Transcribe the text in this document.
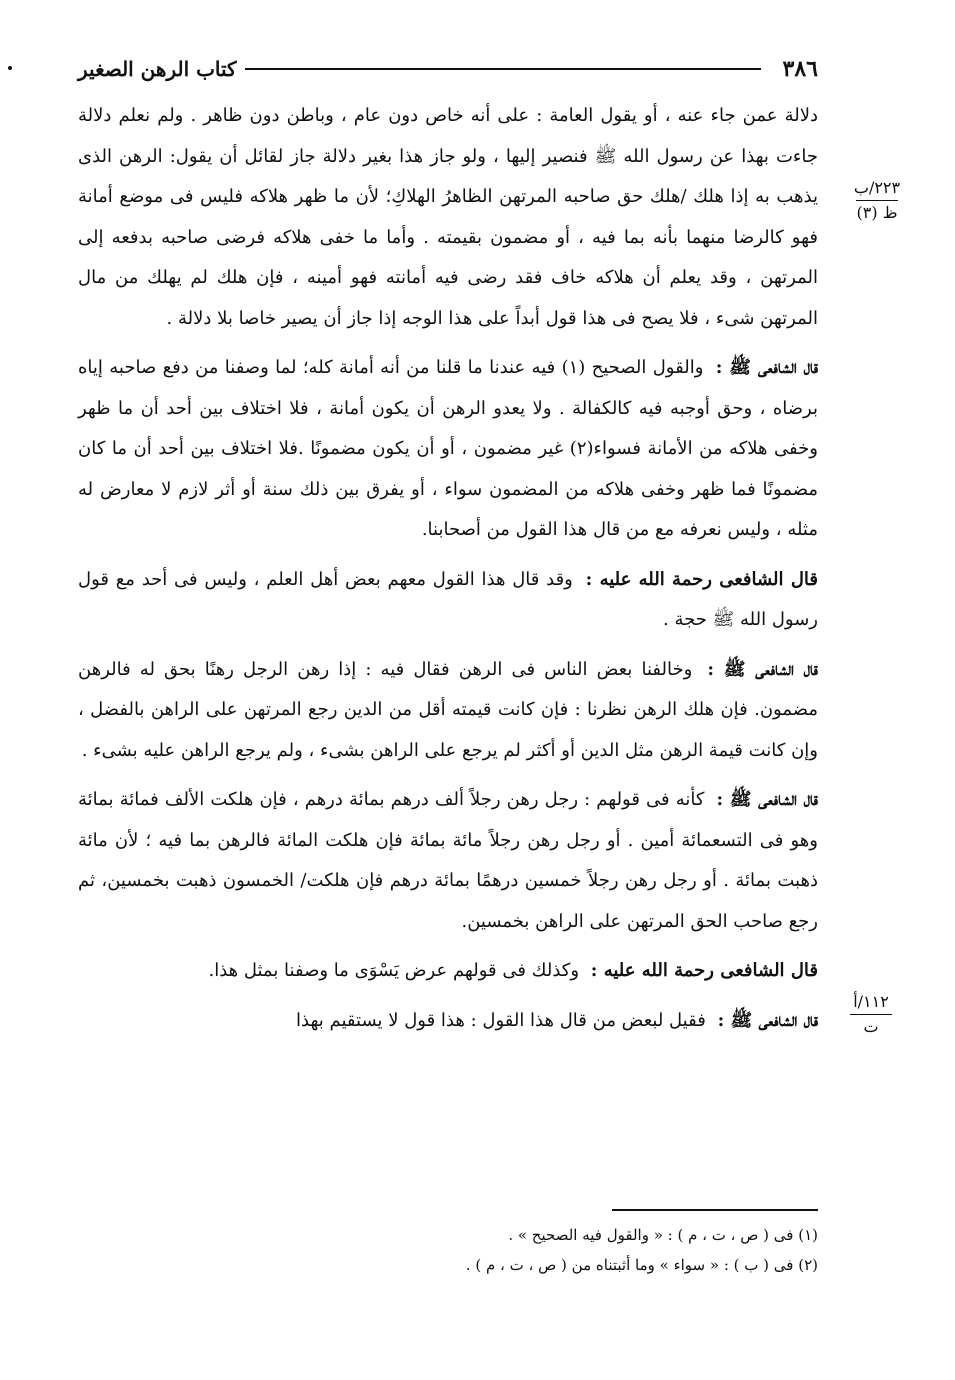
٣٨٦
كتاب الرهن الصغير
٢٢٣/ب
ظ (٣)
١١٢/أ
ت

دلالة عمن جاء عنه ، أو يقول العامة : على أنه خاص دون عام ، وباطن دون ظاهر . ولم نعلم دلالة جاءت بهذا عن رسول الله ﷺ فنصير إليها ، ولو جاز هذا بغير دلالة جاز لقائل أن يقول: الرهن الذى يذهب به إذا هلك /هلك حق صاحبه المرتهن الظاهرُ الهلاكِ؛ لأن ما ظهر هلاكه فليس فى موضع أمانة فهو كالرضا منهما بأنه بما فيه ، أو مضمون بقيمته . وأما ما خفى هلاكه فرضى صاحبه بدفعه إلى المرتهن ، وقد يعلم أن هلاكه خاف فقد رضى فيه أمانته فهو أمينه ، فإن هلك لم يهلك من مال المرتهن شىء ، فلا يصح فى هذا قول أبداً على هذا الوجه إذا جاز أن يصير خاصا بلا دلالة .

قال الشافعى ﷺ : والقول الصحيح (١) فيه عندنا ما قلنا من أنه أمانة كله؛ لما وصفنا من دفع صاحبه إياه برضاه ، وحق أوجبه فيه كالكفالة . ولا يعدو الرهن أن يكون أمانة ، فلا اختلاف بين أحد أن ما ظهر وخفى هلاكه من الأمانة فسواء(٢) غير مضمون ، أو أن يكون مضمونًا .فلا اختلاف بين أحد أن ما كان مضمونًا فما ظهر وخفى هلاكه من المضمون سواء ، أو يفرق بين ذلك سنة أو أثر لازم لا معارض له مثله ، وليس نعرفه مع من قال هذا القول من أصحابنا.

قال الشافعى رحمة الله عليه : وقد قال هذا القول معهم بعض أهل العلم ، وليس فى أحد مع قول رسول الله ﷺ حجة .

قال الشافعى ﷺ : وخالفنا بعض الناس فى الرهن فقال فيه : إذا رهن الرجل رهنًا بحق له فالرهن مضمون. فإن هلك الرهن نظرنا : فإن كانت قيمته أقل من الدين رجع المرتهن على الراهن بالفضل ، وإن كانت قيمة الرهن مثل الدين أو أكثر لم يرجع على الراهن بشىء ، ولم يرجع الراهن عليه بشىء .

قال الشافعى ﷺ : كأنه فى قولهم : رجل رهن رجلاً ألف درهم بمائة درهم ، فإن هلكت الألف فمائة بمائة وهو فى التسعمائة أمين . أو رجل رهن رجلاً مائة بمائة فإن هلكت المائة فالرهن بما فيه ؛ لأن مائة ذهبت بمائة . أو رجل رهن رجلاً خمسين درهمًا بمائة درهم فإن هلكت/ الخمسون ذهبت بخمسين، ثم رجع صاحب الحق المرتهن على الراهن بخمسين.

قال الشافعى رحمة الله عليه : وكذلك فى قولهم عرض يَسْوَى ما وصفنا بمثل هذا.

قال الشافعى ﷺ : فقيل لبعض من قال هذا القول : هذا قول لا يستقيم بهذا

(١) فى ( ص ، ت ، م ) : « والقول فيه الصحيح » .
(٢) فى ( ب ) : « سواء » وما أثبتناه من ( ص ، ت ، م ) .
